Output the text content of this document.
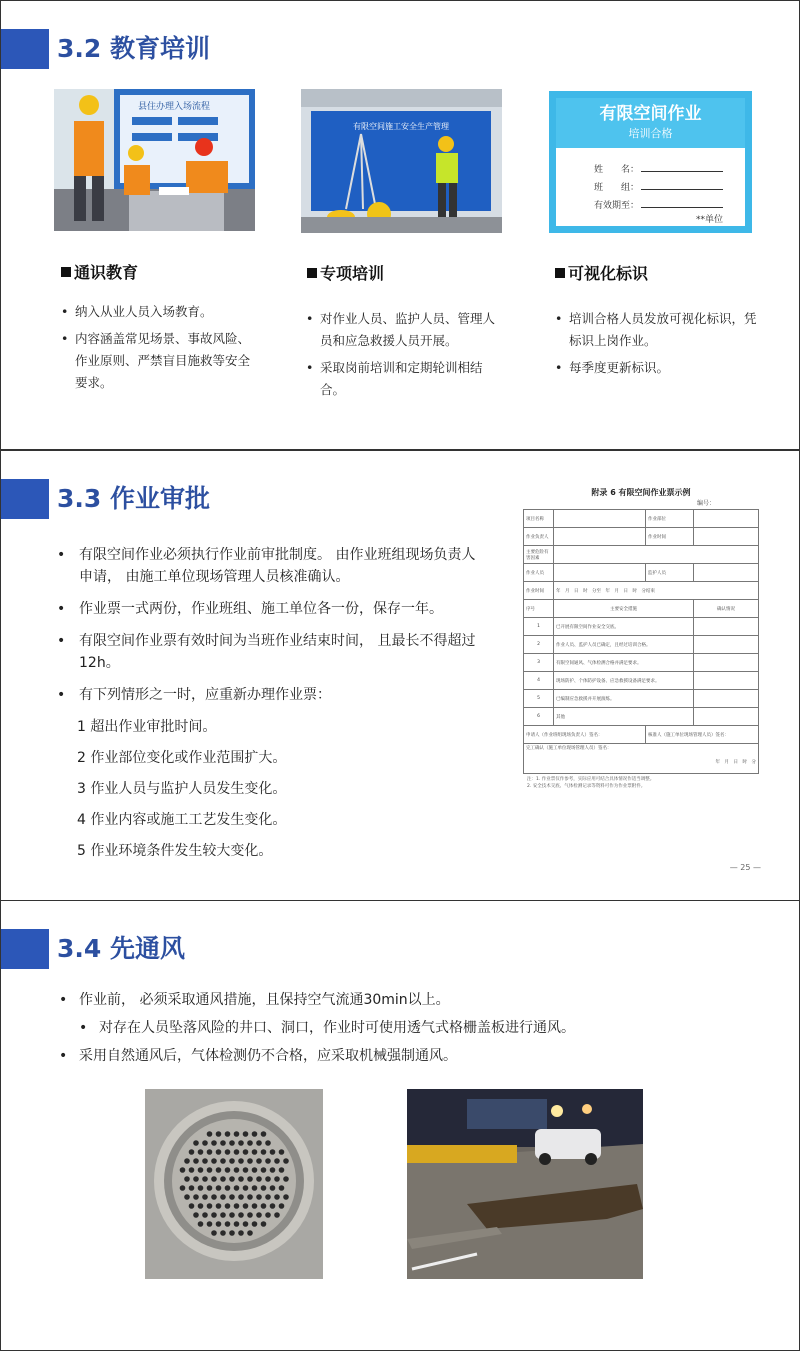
3.2 教育培训
县住办理入场流程
有限空间施工安全生产管理
有限空间作业
培训合格
姓　　名：
班　　组：
有效期至：
**单位
通识教育
• 纳入从业人员入场教育。
• 内容涵盖常见场景、事故风险、作业原则、严禁盲目施救等安全要求。
专项培训
• 对作业人员、监护人员、管理人员和应急救援人员开展。
• 采取岗前培训和定期轮训相结合。
可视化标识
• 培训合格人员发放可视化标识，凭标识上岗作业。
• 每季度更新标识。
3.3 作业审批
• 有限空间作业必须执行作业前审批制度。 由作业班组现场负责人申请， 由施工单位现场管理人员核准确认。
• 作业票一式两份，作业班组、施工单位各一份，保存一年。
• 有限空间作业票有效时间为当班作业结束时间， 且最长不得超过12h。
• 有下列情形之一时，应重新办理作业票：
1 超出作业审批时间。
2 作业部位变化或作业范围扩大。
3 作业人员与监护人员发生变化。
4 作业内容或施工工艺发生变化。
5 作业环境条件发生较大变化。
附录 6 有限空间作业票示例
编号：
项目名称		作业部位	
作业负责人		作业时间	
主要危险有害因素			
作业人员		监护人员	
作业时间	年　月　日　时　分至　年　月　日　时　分结束		
序号	主要安全措施		确认情况
1	已开展有限空间作业安全交底。		
2	作业人员、监护人员已确定，且经过培训合格。		
3	有限空间通风、气体检测合格并满足要求。		
4	现场防护、个体防护设备、应急救援设备满足要求。		
5	已编制应急救援并开展演练。		
6	其他		
申请人（作业班组现场负责人）签名：		核准人（施工单位现场管理人员）签名：	

完工确认（施工单位现场管理人员）签名：
年　月　日　时　分			
注：1. 作业票仅作参考，实际应用可结合具体情况作适当调整。
2. 安全技术交底、气体检测记录等资料可作为作业票附件。
— 25 —
3.4 先通风
• 作业前， 必须采取通风措施，且保持空气流通30min以上。
• 对存在人员坠落风险的井口、洞口，作业时可使用透气式格栅盖板进行通风。
• 采用自然通风后，气体检测仍不合格，应采取机械强制通风。
